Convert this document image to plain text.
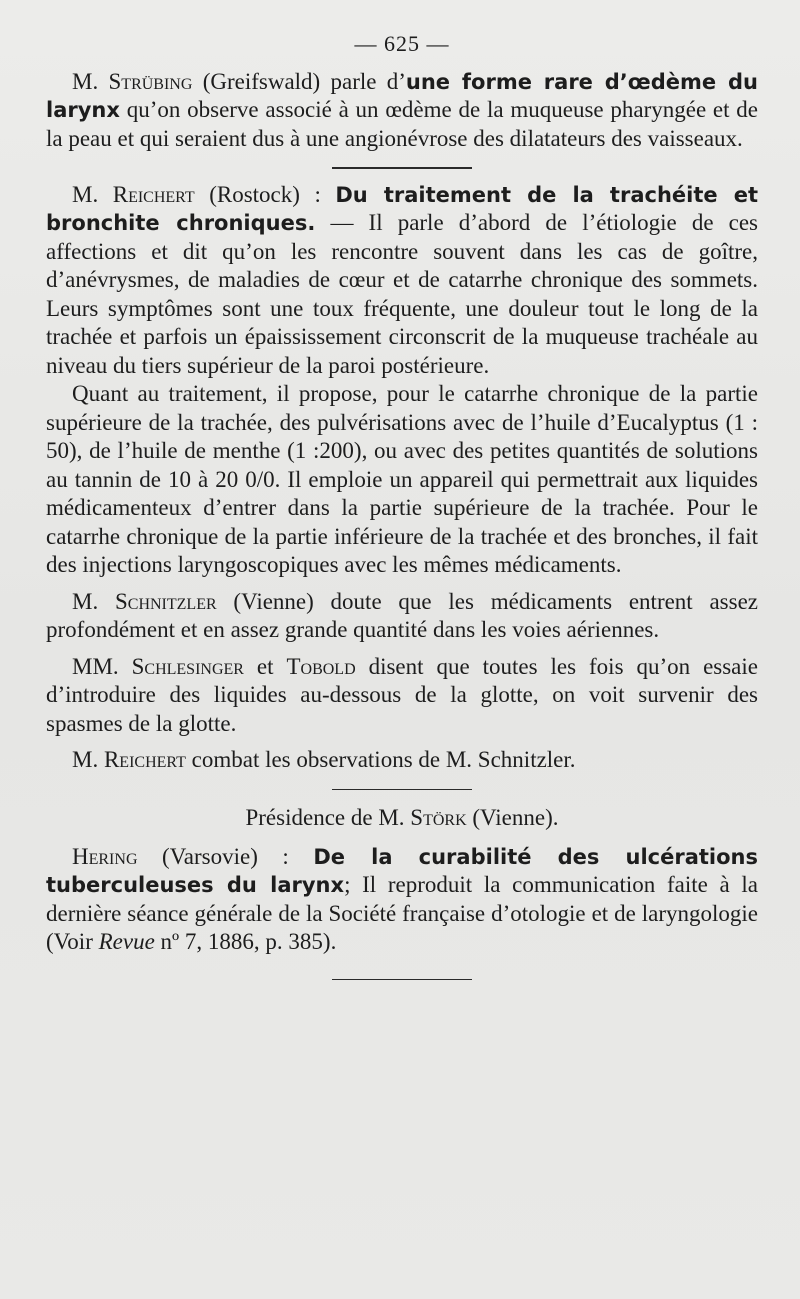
— 625 —

M. Strübing (Greifswald) parle d’une forme rare d’œdème du larynx qu’on observe associé à un œdème de la muqueuse pharyngée et de la peau et qui seraient dus à une angionévrose des dilatateurs des vaisseaux.

M. Reichert (Rostock) : Du traitement de la trachéite et bronchite chroniques. — Il parle d’abord de l’étiologie de ces affections et dit qu’on les rencontre souvent dans les cas de goître, d’anévrysmes, de maladies de cœur et de catarrhe chronique des sommets. Leurs symptômes sont une toux fréquente, une douleur tout le long de la trachée et parfois un épaississement circonscrit de la muqueuse trachéale au niveau du tiers supérieur de la paroi postérieure.

Quant au traitement, il propose, pour le catarrhe chronique de la partie supérieure de la trachée, des pulvérisations avec de l’huile d’Eucalyptus (1 : 50), de l’huile de menthe (1 :200), ou avec des petites quantités de solutions au tannin de 10 à 20 0/0. Il emploie un appareil qui permettrait aux liquides médicamenteux d’entrer dans la partie supérieure de la trachée. Pour le catarrhe chronique de la partie inférieure de la trachée et des bronches, il fait des injections laryngoscopiques avec les mêmes médicaments.

M. Schnitzler (Vienne) doute que les médicaments entrent assez profondément et en assez grande quantité dans les voies aériennes.

MM. Schlesinger et Tobold disent que toutes les fois qu’on essaie d’introduire des liquides au-dessous de la glotte, on voit survenir des spasmes de la glotte.

M. Reichert combat les observations de M. Schnitzler.

Présidence de M. Störk (Vienne).

Hering (Varsovie) : De la curabilité des ulcérations tuberculeuses du larynx; Il reproduit la communication faite à la dernière séance générale de la Société française d’otologie et de laryngologie (Voir Revue nº 7, 1886, p. 385).
